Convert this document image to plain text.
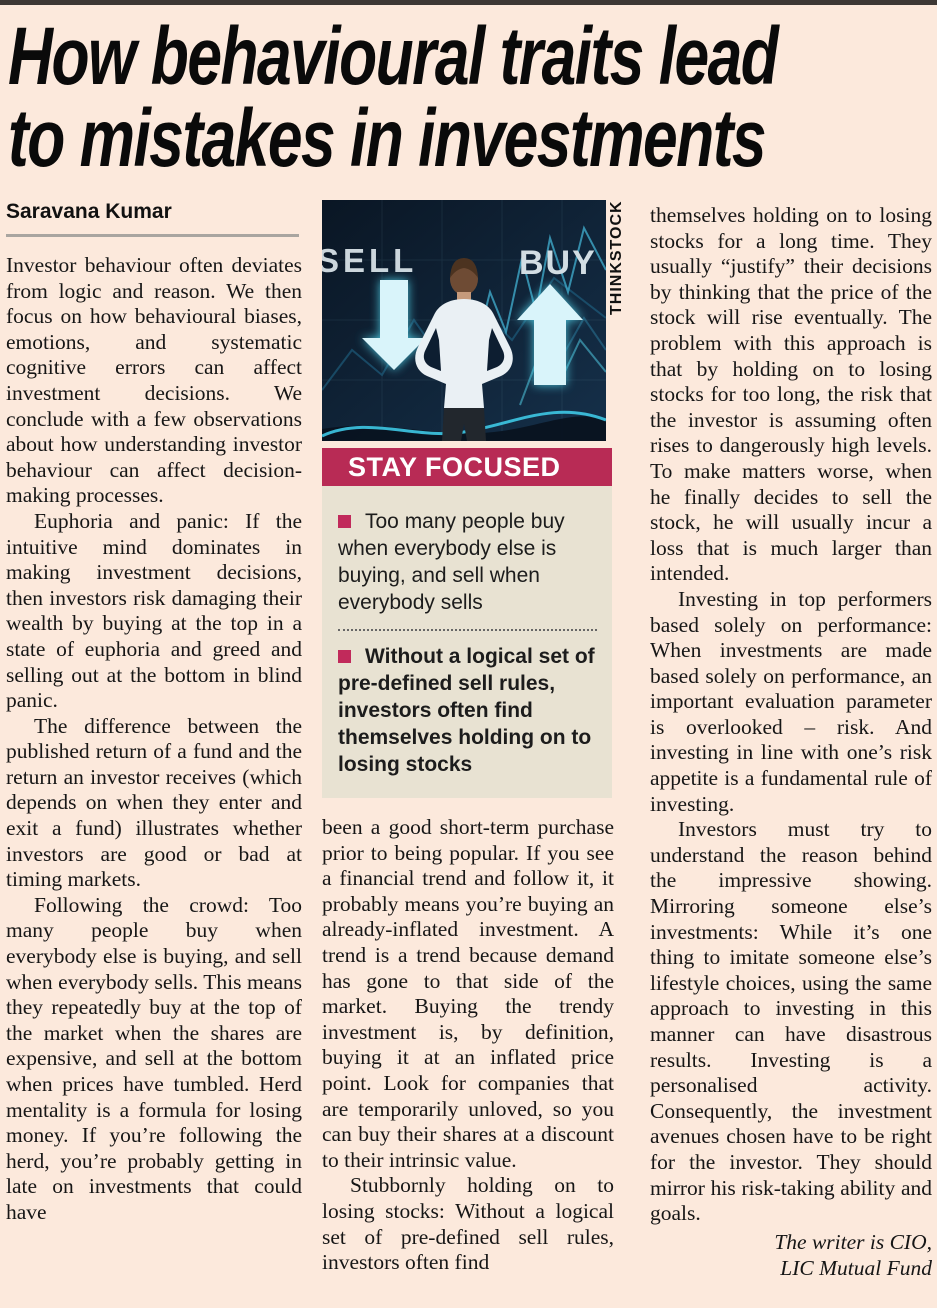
How behavioural traits lead
to mistakes in investments

Saravana Kumar

Investor behaviour often deviates from logic and reason. We then focus on how behavioural biases, emotions, and systematic cognitive errors can affect investment decisions. We conclude with a few observations about how understanding investor behaviour can affect decision-making processes.

Euphoria and panic: If the intuitive mind dominates in making investment decisions, then investors risk damaging their wealth by buying at the top in a state of euphoria and greed and selling out at the bottom in blind panic.

The difference between the published return of a fund and the return an investor receives (which depends on when they enter and exit a fund) illustrates whether investors are good or bad at timing markets.

Following the crowd: Too many people buy when everybody else is buying, and sell when everybody sells. This means they repeatedly buy at the top of the market when the shares are expensive, and sell at the bottom when prices have tumbled. Herd mentality is a formula for losing money. If you’re following the herd, you’re probably getting in late on investments that could have

SELL	BUY THINKSTOCK
STAY FOCUSED

Too many people buy when everybody else is buying, and sell when everybody sells

Without a logical set of pre-defined sell rules, investors often find themselves holding on to losing stocks

been a good short-term purchase prior to being popular. If you see a financial trend and follow it, it probably means you’re buying an already-inflated investment. A trend is a trend because demand has gone to that side of the market. Buying the trendy investment is, by definition, buying it at an inflated price point. Look for companies that are temporarily unloved, so you can buy their shares at a discount to their intrinsic value.

Stubbornly holding on to losing stocks: Without a logical set of pre-defined sell rules, investors often find

themselves holding on to losing stocks for a long time. They usually “justify” their decisions by thinking that the price of the stock will rise eventually. The problem with this approach is that by holding on to losing stocks for too long, the risk that the investor is assuming often rises to dangerously high levels. To make matters worse, when he finally decides to sell the stock, he will usually incur a loss that is much larger than intended.

Investing in top performers based solely on performance: When investments are made based solely on performance, an important evaluation parameter is overlooked – risk. And investing in line with one’s risk appetite is a fundamental rule of investing.

Investors must try to understand the reason behind the impressive showing. Mirroring someone else’s investments: While it’s one thing to imitate someone else’s lifestyle choices, using the same approach to investing in this manner can have disastrous results. Investing is a personalised activity. Consequently, the investment avenues chosen have to be right for the investor. They should mirror his risk-taking ability and goals.

The writer is CIO,
LIC Mutual Fund
